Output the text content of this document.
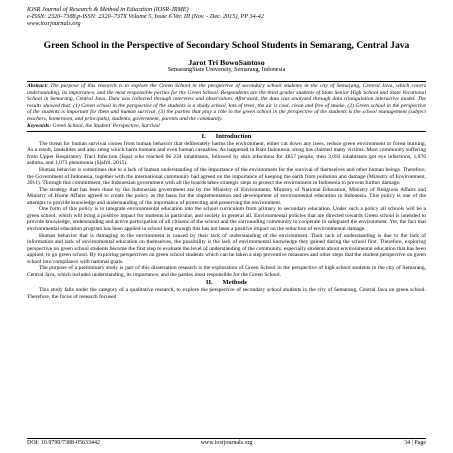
IOSR Journal of Research & Method in Education (IOSR-JRME)
e-ISSN: 2320–7388,p-ISSN: 2320–737X Volume 5, Issue 6 Ver. III (Nov. - Dec. 2015), PP 34-42
www.iosrjournals.org
Green School in the Perspective of Secondary School Students in Semarang, Central Java
Jarot Tri BowoSantoso
SemarangState University, Semarang, Indonesia
Abstract: The purpose of this research is to explore the Green School in the perspective of secondary school students in the city of Semarang, Central Java, which covers understanding, its importance, and the most responsible parties for the Green School. Respondents are the third grader students of State Senior High School and State Vocational School in Semarang, Central Java. Data was collected through interview and observation. Afterward, the data was analyzed through data triangulation interactive model. The results showed that: (1) Green school in the perspective of the students is a shady school, lots of trees, the air is cool, clean and free of smoke, (2) Green school in the perspective of the students is important for them and human survival, (3) the parties that play a role in the green school in the perspective of the students is the school management (subject teachers, homeroom, and principals), students, government, parents and the community.
Keywords: Green School, the Student' Perspective, Survival
I.      Introduction
The threat for human survival comes from human behavior that deliberately harms the environment, either cut down any trees, reduce green environment or forest burning. As a result, landslides and also smog which harm humans and even human casualties. As happened in Riau Indonesia, smog has claimed many victims. Most community suffering from Upper Respiratory Tract Infection (Ispa) who reached 66 234 inhabitants, followed by skin infections for 4857 people, then 3,693 inhabitants got eye infections, 1,076 asthma, and 1,073 pneumonia (Sjafril, 2015).
Human behavior is sometimes due to a lack of human understanding of the importance of the environment for the survival of themselves and other human beings. Therefore, the Government of Indonesia, together with the international community had agreed on the importance of keeping the earth from pollution and damage (Ministry of Environment, 2011). Through this commitment, the Indonesian government with all the boards takes strategic steps to protect the environment in Indonesia to prevent further damage.
The strategy that has been done by the Indonesian government are by the Ministry of Environment, Ministry of National Education, Ministry of Religious Affairs and Ministry of Home Affairs agreed to create the policy as the basis for the implementation and development of environmental education in Indonesia. This policy is one of the attempts to provide knowledge and understanding of the importance of protecting and preserving the environment.
One form of this policy is to integrate environmental education into the school curriculum from primary to secondary education. Under such a policy all schools will be a green school, which will bring a positive impact for students in particular, and society in general all. Environmental policies that are directed towards Green school is intended to provide knowledge, understanding and active participation of all citizens of the school and the surrounding community to cooperate in safeguard the environment. Yet, the fact that environmental education program has been applied in school long enough this has not been a positive impact on the reduction of environmental damage.
Human behavior that is damaging to the environment is caused by their lack of understanding of the environment. Their lack of understanding is due to the lack of information and lack of environmental education on themselves, the possibility is the lack of environmental knowledge they gained during the school first. Therefore, exploring perspective on green school students become the first step to evaluate the level of understanding of the community, especially students about environmental education that has been applied, to go green school. By exploring perspectives on green school students which can be taken a step preventive measures and other steps that the student perspective on green school into compliance with national goals.
The purpose of a preliminary study is part of this dissertation research is the exploration of Green School in the perspective of high school students in the city of Semarang, Central Java, which includes understanding, its importance, and the parties most responsible for the Green School.
II.      Methods
This study falls under the category of a qualitative research, to explore the perspective of secondary school students in the city of Semarang, Central Java on green school. Therefore, the focus of research focused
DOI: 10.9790/7388-05633442	www.iosrjournals.org	34 | Page
